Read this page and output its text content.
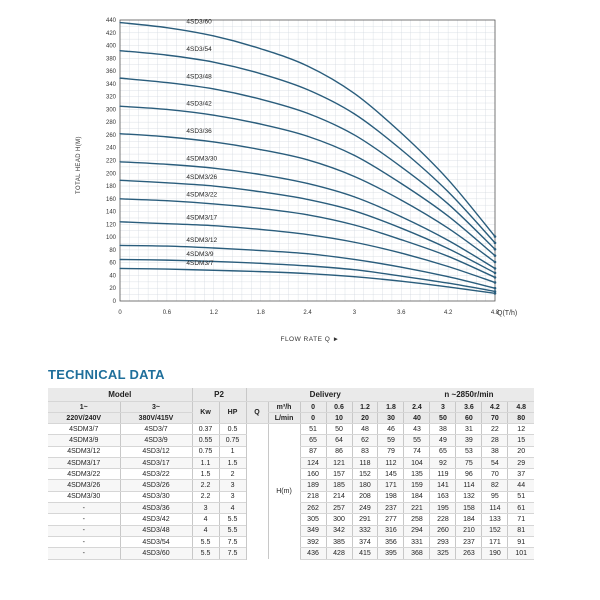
4SD3/60
4SD3/54
4SD3/48
4SD3/42
4SD3/36
4SDM3/30
4SDM3/26
4SDM3/22
4SDM3/17
4SDM3/12
4SDM3/9
4SDM3/7
0
20
40
60
80
100
120
140
160
180
200
220
240
260
280
300
320
340
360
380
400
420
440
0	0.6	1.2	1.8	2.4	3	3.6	4.2	4.8
TOTAL HEAD H(M)
FLOW RATE Q ►
Q(T/h)
TECHNICAL DATA
Model		P2		Delivery						n ~2850r/min				
1~	3~	Kw	HP	Q	m³/h	0	0.6	1.2	1.8	2.4	3	3.6	4.2	4.8
220V/240V	380V/415V				L/min	0	10	20	30	40	50	60	70	80
4SDM3/7	4SD3/7	0.37	0.5		H(m)	51	50	48	46	43	38	31	22	12
4SDM3/9	4SD3/9	0.55	0.75			65	64	62	59	55	49	39	28	15
4SDM3/12	4SD3/12	0.75	1			87	86	83	79	74	65	53	38	20
4SDM3/17	4SD3/17	1.1	1.5			124	121	118	112	104	92	75	54	29
4SDM3/22	4SD3/22	1.5	2			160	157	152	145	135	119	96	70	37
4SDM3/26	4SD3/26	2.2	3			189	185	180	171	159	141	114	82	44
4SDM3/30	4SD3/30	2.2	3			218	214	208	198	184	163	132	95	51
-	4SD3/36	3	4			262	257	249	237	221	195	158	114	61
-	4SD3/42	4	5.5			305	300	291	277	258	228	184	133	71
-	4SD3/48	4	5.5			349	342	332	316	294	260	210	152	81
-	4SD3/54	5.5	7.5			392	385	374	356	331	293	237	171	91
-	4SD3/60	5.5	7.5			436	428	415	395	368	325	263	190	101
